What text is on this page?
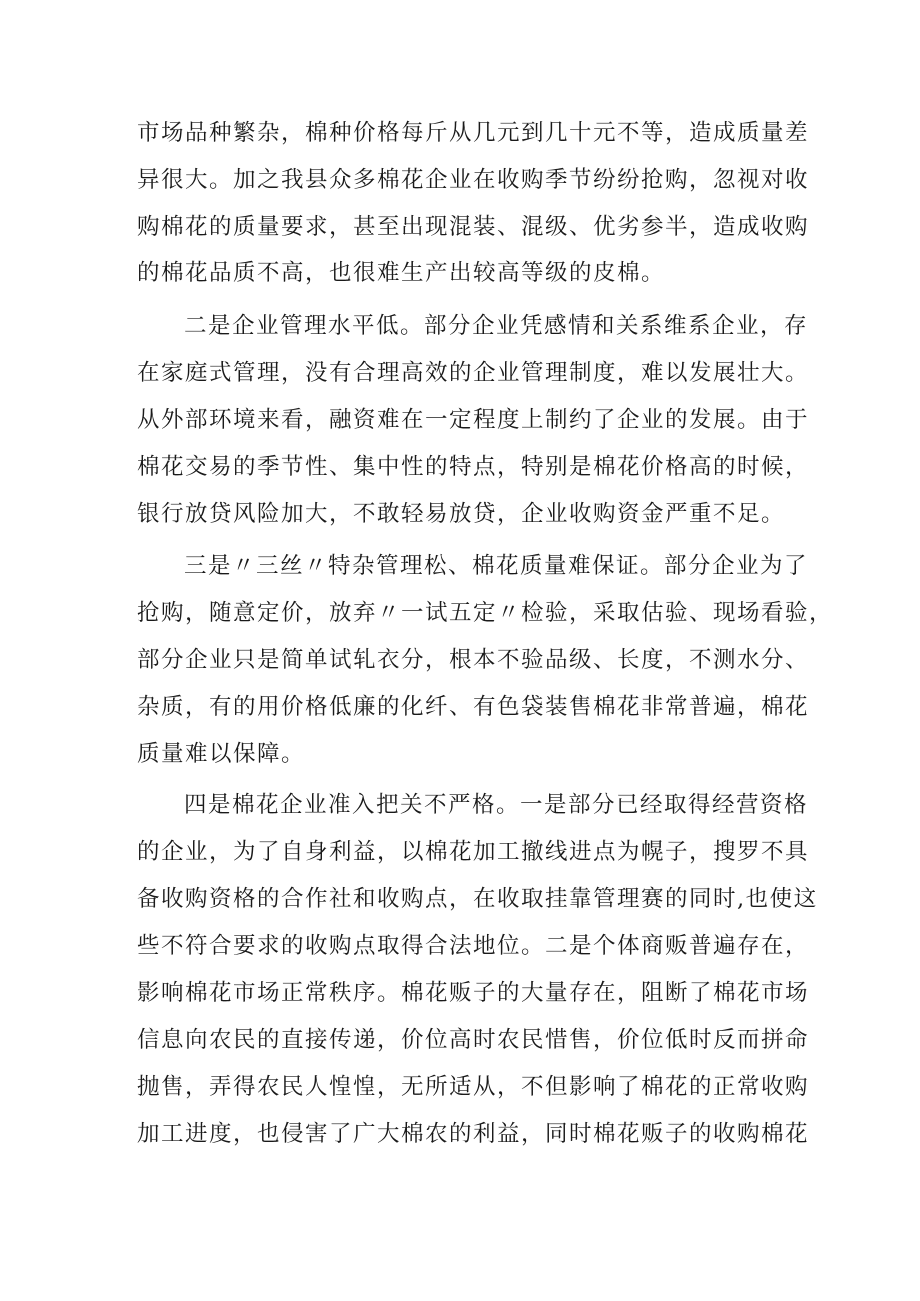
市场品种繁杂，棉种价格每斤从几元到几十元不等，造成质量差
异很大。加之我县众多棉花企业在收购季节纷纷抢购，忽视对收
购棉花的质量要求，甚至出现混装、混级、优劣参半，造成收购
的棉花品质不高，也很难生产出较高等级的皮棉。
二是企业管理水平低。部分企业凭感情和关系维系企业，存
在家庭式管理，没有合理高效的企业管理制度，难以发展壮大。
从外部环境来看，融资难在一定程度上制约了企业的发展。由于
棉花交易的季节性、集中性的特点，特别是棉花价格高的时候，
银行放贷风险加大，不敢轻易放贷，企业收购资金严重不足。
三是〃三丝〃特杂管理松、棉花质量难保证。部分企业为了
抢购，随意定价，放弃〃一试五定〃检验，采取估验、现场看验，
部分企业只是简单试轧衣分，根本不验品级、长度，不测水分、
杂质，有的用价格低廉的化纤、有色袋装售棉花非常普遍，棉花
质量难以保障。
四是棉花企业准入把关不严格。一是部分已经取得经营资格
的企业，为了自身利益，以棉花加工撤线进点为幌子，搜罗不具
备收购资格的合作社和收购点，在收取挂靠管理赛的同时,也使这
些不符合要求的收购点取得合法地位。二是个体商贩普遍存在，
影响棉花市场正常秩序。棉花贩子的大量存在，阻断了棉花市场
信息向农民的直接传递，价位高时农民惜售，价位低时反而拼命
抛售，弄得农民人惶惶，无所适从，不但影响了棉花的正常收购
加工进度，也侵害了广大棉农的利益，同时棉花贩子的收购棉花
